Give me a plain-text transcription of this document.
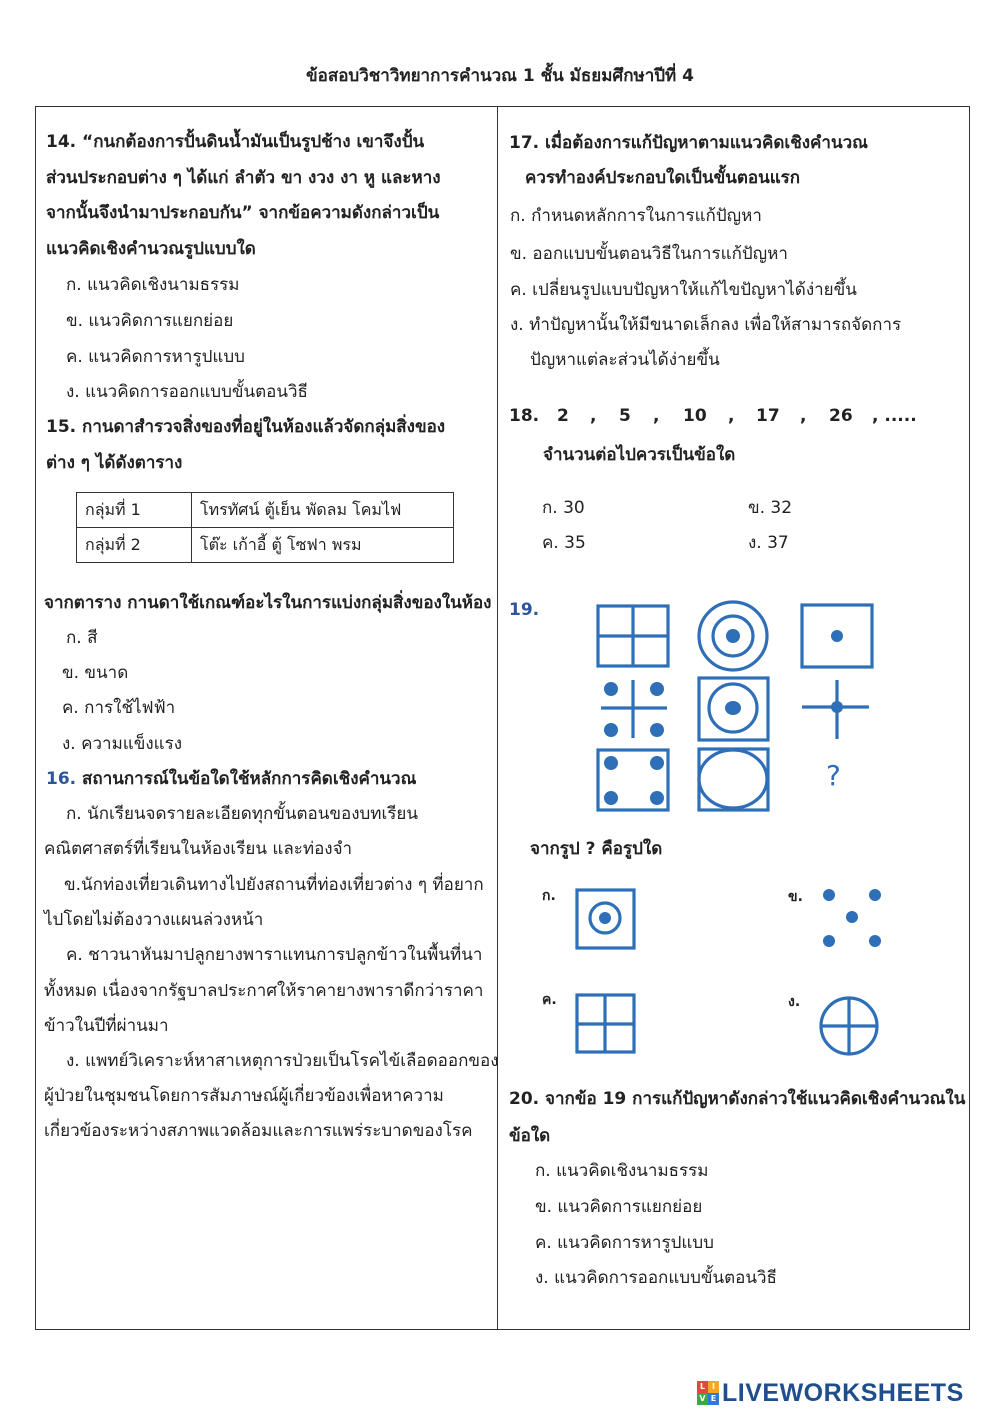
ข้อสอบวิชาวิทยาการคำนวณ 1 ชั้น มัธยมศึกษาปีที่ 4
14. “กนกต้องการปั้นดินน้ำมันเป็นรูปช้าง เขาจึงปั้น
ส่วนประกอบต่าง ๆ ได้แก่ ลำตัว ขา งวง งา หู และหาง
จากนั้นจึงนำมาประกอบกัน” จากข้อความดังกล่าวเป็น
แนวคิดเชิงคำนวณรูปแบบใด
ก. แนวคิดเชิงนามธรรม
ข. แนวคิดการแยกย่อย
ค. แนวคิดการหารูปแบบ
ง. แนวคิดการออกแบบขั้นตอนวิธี
15. กานดาสำรวจสิ่งของที่อยู่ในห้องแล้วจัดกลุ่มสิ่งของ
ต่าง ๆ ได้ดังตาราง
กลุ่มที่ 1	โทรทัศน์ ตู้เย็น พัดลม โคมไฟ
กลุ่มที่ 2	โต๊ะ เก้าอี้ ตู้ โซฟา พรม
จากตาราง กานดาใช้เกณฑ์อะไรในการแบ่งกลุ่มสิ่งของในห้อง
ก. สี
ข. ขนาด
ค. การใช้ไฟฟ้า
ง. ความแข็งแรง
16. สถานการณ์ในข้อใดใช้หลักการคิดเชิงคำนวณ
ก. นักเรียนจดรายละเอียดทุกขั้นตอนของบทเรียน
คณิตศาสตร์ที่เรียนในห้องเรียน และท่องจำ
ข.นักท่องเที่ยวเดินทางไปยังสถานที่ท่องเที่ยวต่าง ๆ ที่อยาก
ไปโดยไม่ต้องวางแผนล่วงหน้า
ค. ชาวนาหันมาปลูกยางพาราแทนการปลูกข้าวในพื้นที่นา
ทั้งหมด เนื่องจากรัฐบาลประกาศให้ราคายางพาราดีกว่าราคา
ข้าวในปีที่ผ่านมา
ง. แพทย์วิเคราะห์หาสาเหตุการป่วยเป็นโรคไข้เลือดออกของ
ผู้ป่วยในชุมชนโดยการสัมภาษณ์ผู้เกี่ยวข้องเพื่อหาความ
เกี่ยวข้องระหว่างสภาพแวดล้อมและการแพร่ระบาดของโรค
17. เมื่อต้องการแก้ปัญหาตามแนวคิดเชิงคำนวณ
ควรทำองค์ประกอบใดเป็นขั้นตอนแรก
ก. กำหนดหลักการในการแก้ปัญหา
ข. ออกแบบขั้นตอนวิธีในการแก้ปัญหา
ค. เปลี่ยนรูปแบบปัญหาให้แก้ไขปัญหาได้ง่ายขึ้น
ง. ทำปัญหานั้นให้มีขนาดเล็กลง เพื่อให้สามารถจัดการ
ปัญหาแต่ละส่วนได้ง่ายขึ้น
18. 2 , 5 , 10 , 17 , 26 , .....
จำนวนต่อไปควรเป็นข้อใด
ก. 30	ข. 32
ค. 35	ง. 37
19.
จากรูป ? คือรูปใด
ก.	ข.
ค.	ง.
?
20. จากข้อ 19 การแก้ปัญหาดังกล่าวใช้แนวคิดเชิงคำนวณใน
ข้อใด
ก. แนวคิดเชิงนามธรรม
ข. แนวคิดการแยกย่อย
ค. แนวคิดการหารูปแบบ
ง. แนวคิดการออกแบบขั้นตอนวิธี
L I
V E LIVEWORKSHEETS
